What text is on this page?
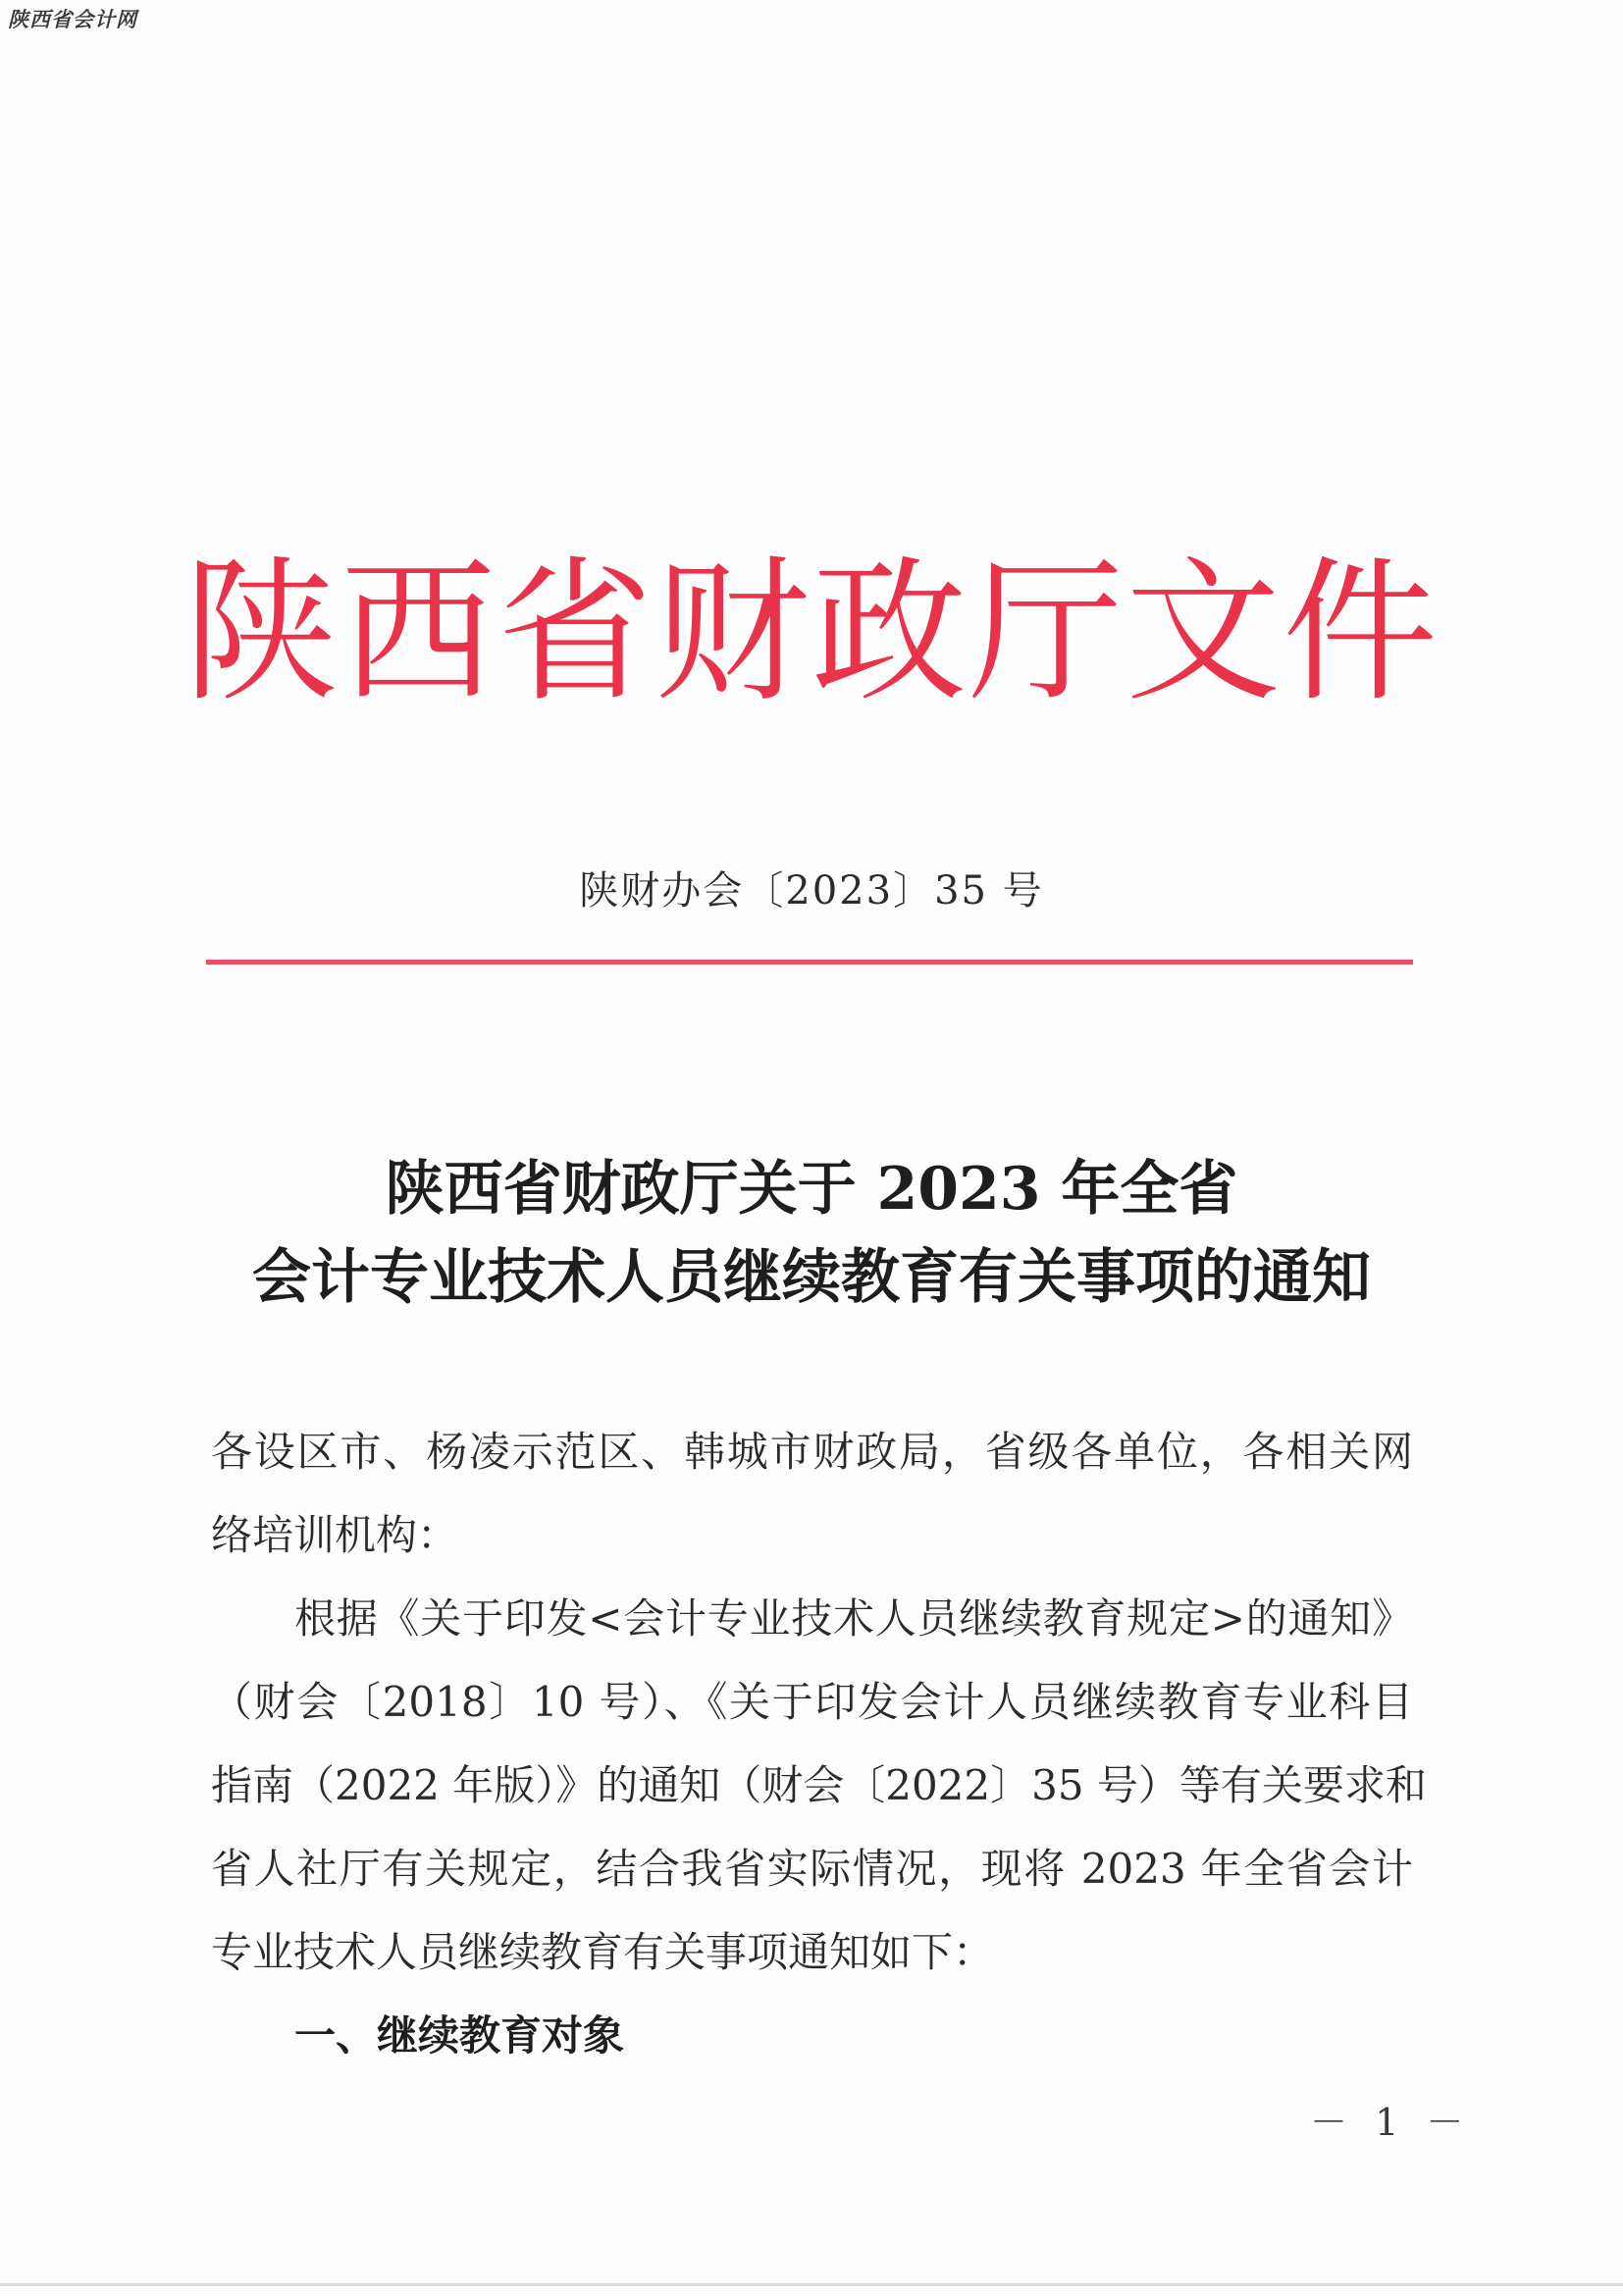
陕西省会计网
陕西省财政厅文件
陕财办会〔2023〕35 号
陕西省财政厅关于 2023 年全省
会计专业技术人员继续教育有关事项的通知
各设区市、杨凌示范区、韩城市财政局，省级各单位，各相关网
络培训机构：
根据《关于印发<会计专业技术人员继续教育规定>的通知》
（财会〔2018〕10 号）、《关于印发会计人员继续教育专业科目
指南（2022 年版）》的通知（财会〔2022〕35 号）等有关要求和
省人社厅有关规定，结合我省实际情况，现将 2023 年全省会计
专业技术人员继续教育有关事项通知如下：
一、继续教育对象
－ 1 －
